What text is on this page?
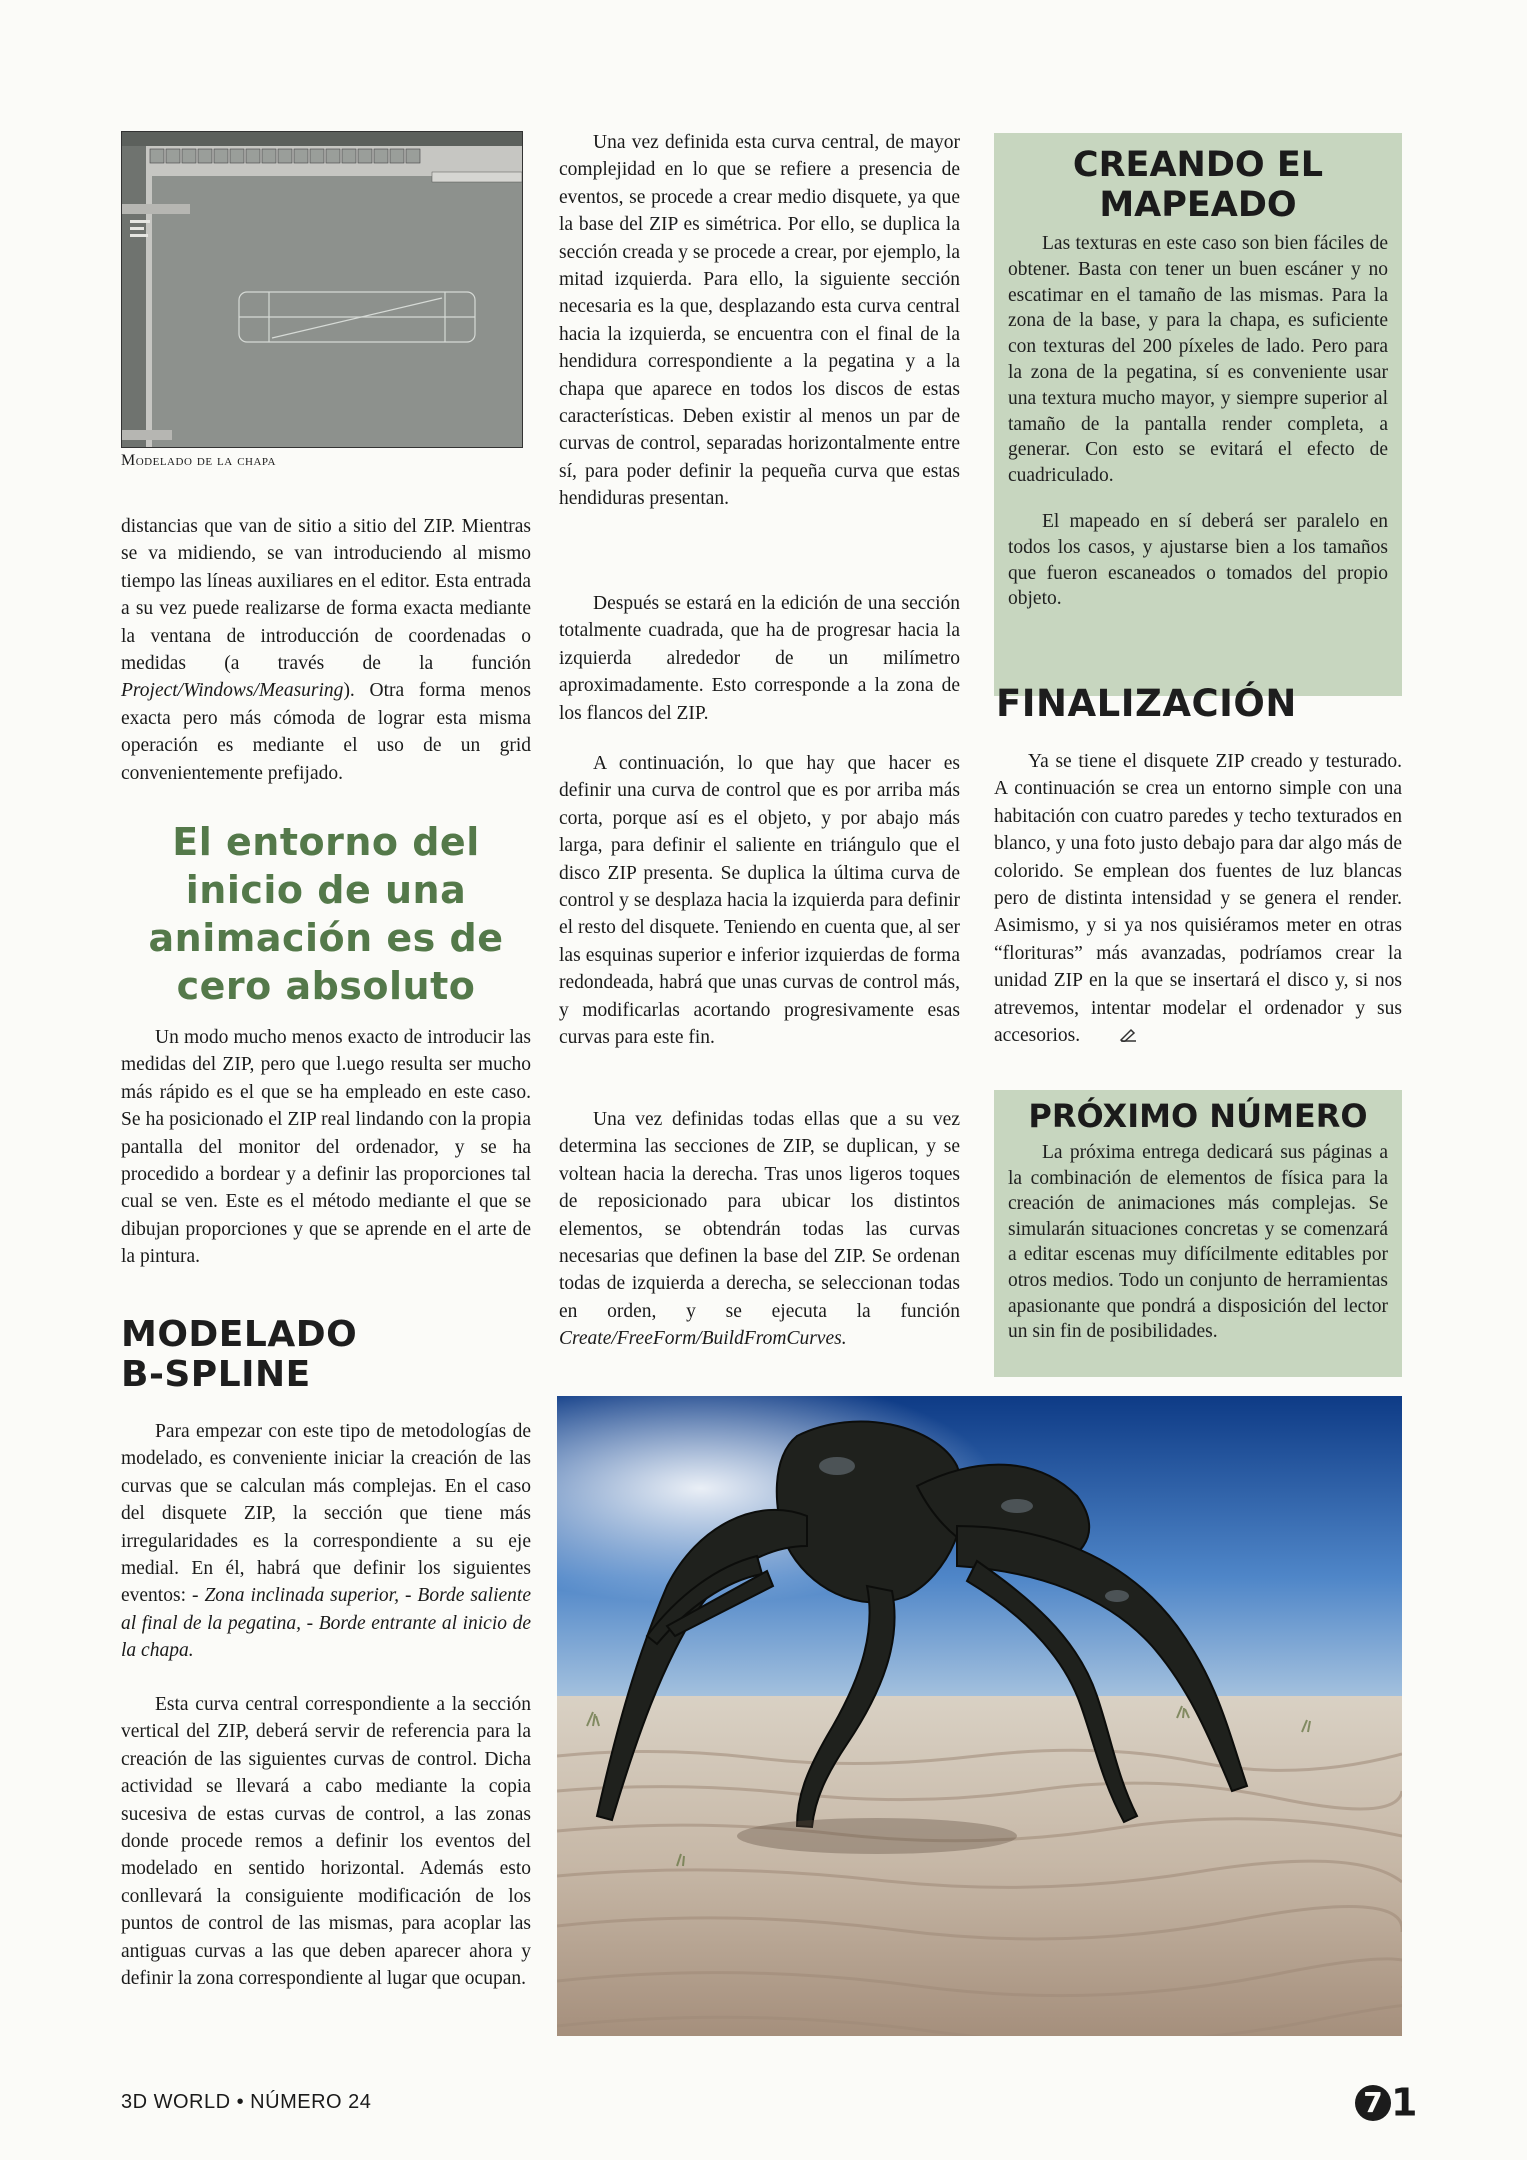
Modelado de la chapa

distancias que van de sitio a sitio del ZIP. Mientras se va midiendo, se van introduciendo al mismo tiempo las líneas auxiliares en el editor. Esta entrada a su vez puede realizarse de forma exacta mediante la ventana de introducción de coordenadas o medidas (a través de la función Project/Windows/Measuring). Otra forma menos exacta pero más cómoda de lograr esta misma operación es mediante el uso de un grid convenientemente prefijado.

El entorno del
inicio de una
animación es de
cero absoluto

Un modo mucho menos exacto de introducir las medidas del ZIP, pero que l.uego resulta ser mucho más rápido es el que se ha empleado en este caso. Se ha posicionado el ZIP real lindando con la propia pantalla del monitor del ordenador, y se ha procedido a bordear y a definir las proporciones tal cual se ven. Este es el método mediante el que se dibujan proporciones y que se aprende en el arte de la pintura.

MODELADO
B-SPLINE

Para empezar con este tipo de metodologías de modelado, es conveniente iniciar la creación de las curvas que se calculan más complejas. En el caso del disquete ZIP, la sección que tiene más irregularidades es la correspondiente a su eje medial. En él, habrá que definir los siguientes eventos: - Zona inclinada superior, - Borde saliente al final de la pegatina, - Borde entrante al inicio de la chapa.

Esta curva central correspondiente a la sección vertical del ZIP, deberá servir de referencia para la creación de las siguientes curvas de control. Dicha actividad se llevará a cabo mediante la copia sucesiva de estas curvas de control, a las zonas donde procede remos a definir los eventos del modelado en sentido horizontal. Además esto conllevará la consiguiente modificación de los puntos de control de las mismas, para acoplar las antiguas curvas a las que deben aparecer ahora y definir la zona correspondiente al lugar que ocupan.

Una vez definida esta curva central, de mayor complejidad en lo que se refiere a presencia de eventos, se procede a crear medio disquete, ya que la base del ZIP es simétrica. Por ello, se duplica la sección creada y se procede a crear, por ejemplo, la mitad izquierda. Para ello, la siguiente sección necesaria es la que, desplazando esta curva central hacia la izquierda, se encuentra con el final de la hendidura correspondiente a la pegatina y a la chapa que aparece en todos los discos de estas características. Deben existir al menos un par de curvas de control, separadas horizontalmente entre sí, para poder definir la pequeña curva que estas hendiduras presentan.

Después se estará en la edición de una sección totalmente cuadrada, que ha de progresar hacia la izquierda alrededor de un milímetro aproximadamente. Esto corresponde a la zona de los flancos del ZIP.

A continuación, lo que hay que hacer es definir una curva de control que es por arriba más corta, porque así es el objeto, y por abajo más larga, para definir el saliente en triángulo que el disco ZIP presenta. Se duplica la última curva de control y se desplaza hacia la izquierda para definir el resto del disquete. Teniendo en cuenta que, al ser las esquinas superior e inferior izquierdas de forma redondeada, habrá que unas curvas de control más, y modificarlas acortando progresivamente esas curvas para este fin.

Una vez definidas todas ellas que a su vez determina las secciones de ZIP, se duplican, y se voltean hacia la derecha. Tras unos ligeros toques de reposicionado para ubicar los distintos elementos, se obtendrán todas las curvas necesarias que definen la base del ZIP. Se ordenan todas de izquierda a derecha, se seleccionan todas en orden, y se ejecuta la función Create/FreeForm/BuildFromCurves.

CREANDO EL

MAPEADO

Las texturas en este caso son bien fáciles de obtener. Basta con tener un buen escáner y no escatimar en el tamaño de las mismas. Para la zona de la base, y para la chapa, es suficiente con texturas del 200 píxeles de lado. Pero para la zona de la pegatina, sí es conveniente usar una textura mucho mayor, y siempre superior al tamaño de la pantalla render completa, a generar. Con esto se evitará el efecto de cuadriculado.

El mapeado en sí deberá ser paralelo en todos los casos, y ajustarse bien a los tamaños que fueron escaneados o tomados del propio objeto.

FINALIZACIÓN

Ya se tiene el disquete ZIP creado y testurado. A continuación se crea un entorno simple con una habitación con cuatro paredes y techo texturados en blanco, y una foto justo debajo para dar algo más de colorido. Se emplean dos fuentes de luz blancas pero de distinta intensidad y se genera el render. Asimismo, y si ya nos quisiéramos meter en otras “florituras” más avanzadas, podríamos crear la unidad ZIP en la que se insertará el disco y, si nos atrevemos, intentar modelar el ordenador y sus accesorios.

PRÓXIMO NÚMERO

La próxima entrega dedicará sus páginas a la combinación de elementos de física para la creación de animaciones más complejas. Se simularán situaciones concretas y se comenzará a editar escenas muy difícilmente editables por otros medios. Todo un conjunto de herramientas apasionante que pondrá a disposición del lector un sin fin de posibilidades.

3D WORLD • NÚMERO 24	7 1
